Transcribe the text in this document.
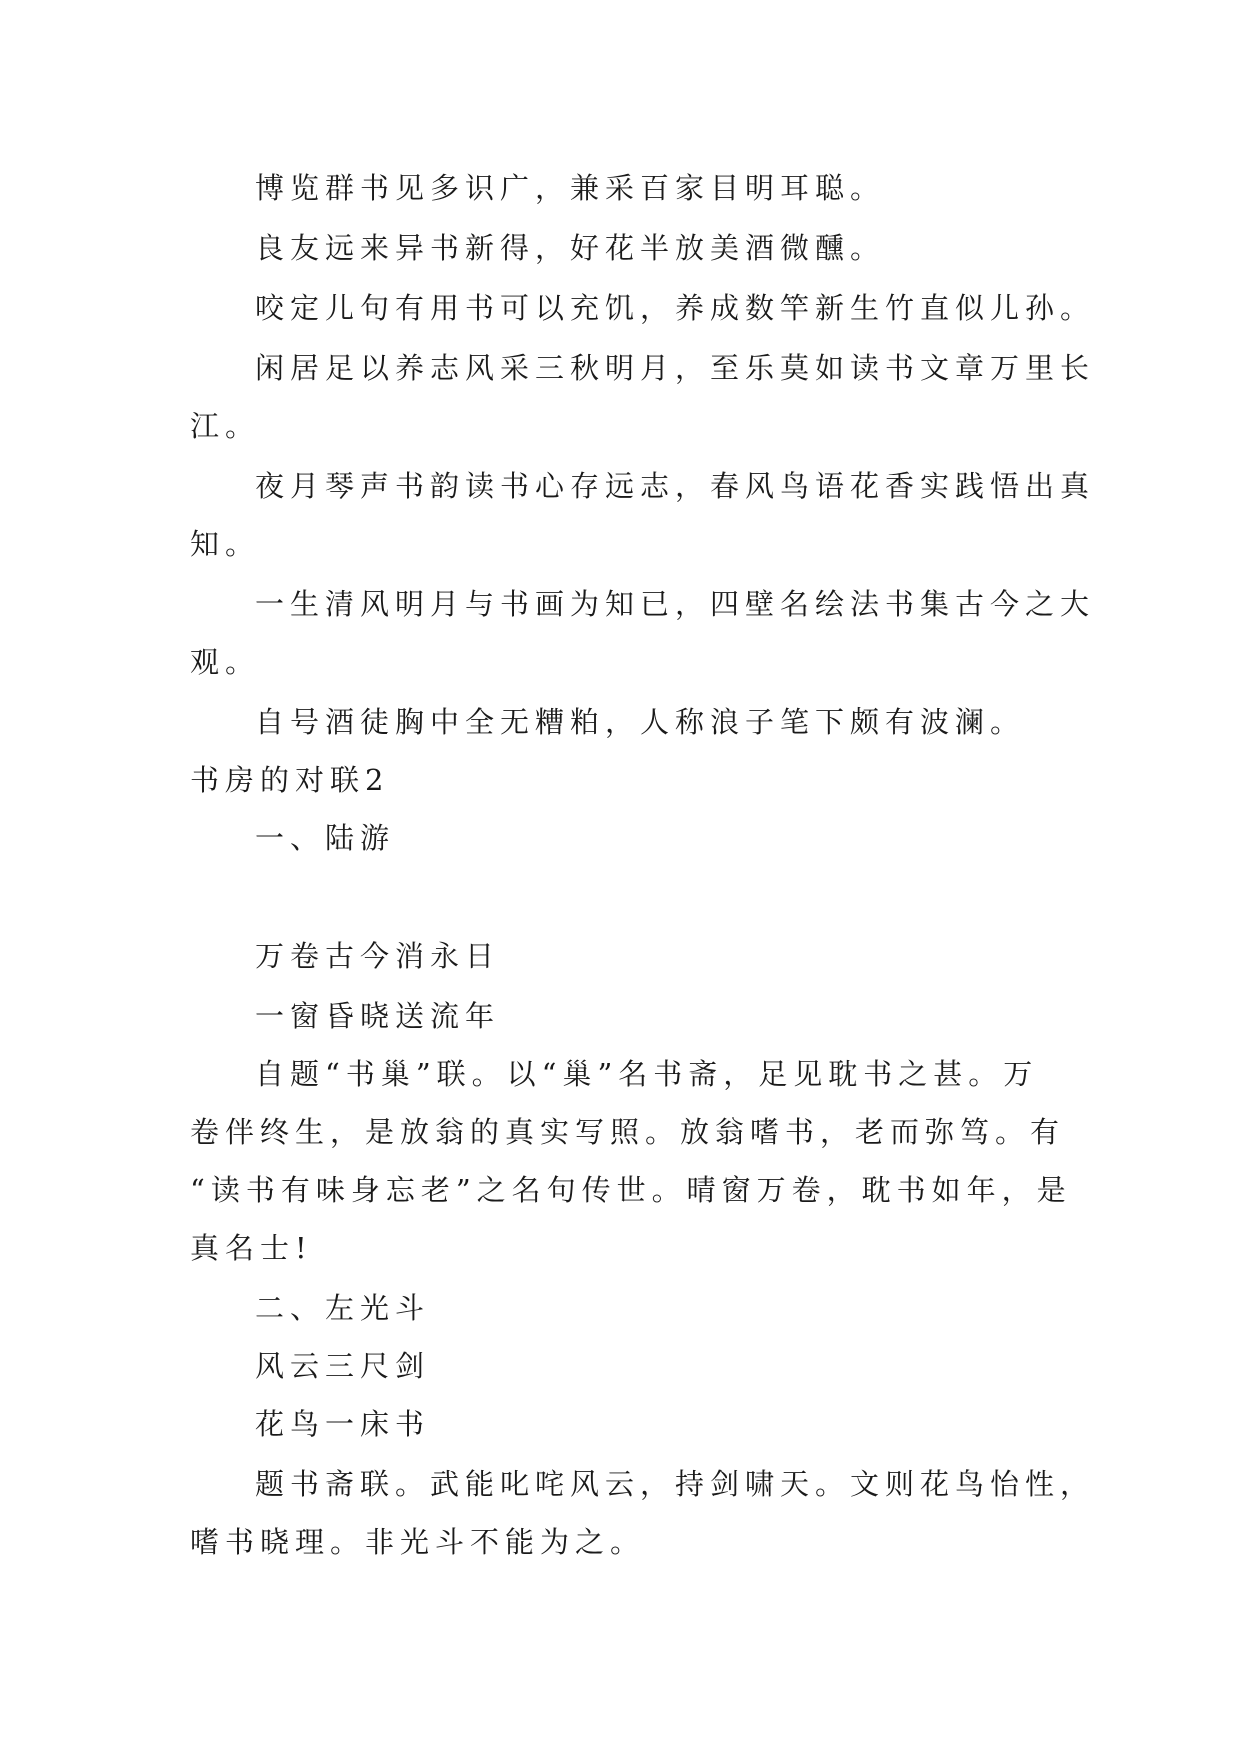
博览群书见多识广，兼采百家目明耳聪。
良友远来异书新得，好花半放美酒微醺。
咬定儿句有用书可以充饥，养成数竿新生竹直似儿孙。
闲居足以养志风采三秋明月，至乐莫如读书文章万里长
江。
夜月琴声书韵读书心存远志，春风鸟语花香实践悟出真
知。
一生清风明月与书画为知已，四壁名绘法书集古今之大
观。
自号酒徒胸中全无糟粕，人称浪子笔下颇有波澜。
书房的对联2
一、陆游
万卷古今消永日
一窗昏晓送流年
自题“书巢”联。以“巢”名书斋，足见耽书之甚。万
卷伴终生，是放翁的真实写照。放翁嗜书，老而弥笃。有
“读书有味身忘老”之名句传世。晴窗万卷，耽书如年，是
真名士!
二、左光斗
风云三尺剑
花鸟一床书
题书斋联。武能叱咤风云，持剑啸天。文则花鸟怡性，
嗜书晓理。非光斗不能为之。
